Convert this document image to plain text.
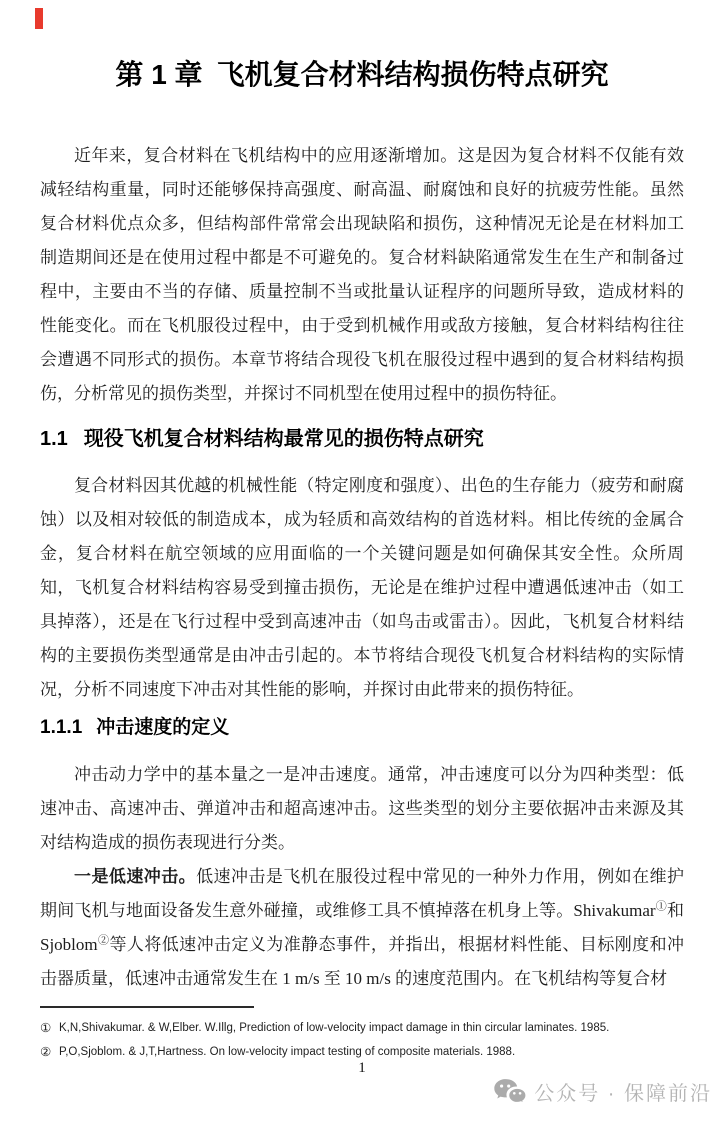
第 1 章 飞机复合材料结构损伤特点研究

近年来，复合材料在飞机结构中的应用逐渐增加。这是因为复合材料不仅能有效减轻结构重量，同时还能够保持高强度、耐高温、耐腐蚀和良好的抗疲劳性能。虽然复合材料优点众多，但结构部件常常会出现缺陷和损伤，这种情况无论是在材料加工制造期间还是在使用过程中都是不可避免的。复合材料缺陷通常发生在生产和制备过程中，主要由不当的存储、质量控制不当或批量认证程序的问题所导致，造成材料的性能变化。而在飞机服役过程中，由于受到机械作用或敌方接触，复合材料结构往往会遭遇不同形式的损伤。本章节将结合现役飞机在服役过程中遇到的复合材料结构损伤，分析常见的损伤类型，并探讨不同机型在使用过程中的损伤特征。

1.1 现役飞机复合材料结构最常见的损伤特点研究

复合材料因其优越的机械性能（特定刚度和强度）、出色的生存能力（疲劳和耐腐蚀）以及相对较低的制造成本，成为轻质和高效结构的首选材料。相比传统的金属合金，复合材料在航空领域的应用面临的一个关键问题是如何确保其安全性。众所周知，飞机复合材料结构容易受到撞击损伤，无论是在维护过程中遭遇低速冲击（如工具掉落），还是在飞行过程中受到高速冲击（如鸟击或雷击）。因此，飞机复合材料结构的主要损伤类型通常是由冲击引起的。本节将结合现役飞机复合材料结构的实际情况，分析不同速度下冲击对其性能的影响，并探讨由此带来的损伤特征。

1.1.1 冲击速度的定义

冲击动力学中的基本量之一是冲击速度。通常，冲击速度可以分为四种类型：低速冲击、高速冲击、弹道冲击和超高速冲击。这些类型的划分主要依据冲击来源及其对结构造成的损伤表现进行分类。

一是低速冲击。低速冲击是飞机在服役过程中常见的一种外力作用，例如在维护期间飞机与地面设备发生意外碰撞，或维修工具不慎掉落在机身上等。Shivakumar①和Sjoblom②等人将低速冲击定义为准静态事件，并指出，根据材料性能、目标刚度和冲击器质量，低速冲击通常发生在 1 m/s 至 10 m/s 的速度范围内。在飞机结构等复合材

① K,N,Shivakumar. & W,Elber. W.Illg, Prediction of low-velocity impact damage in thin circular laminates. 1985.
② P,O,Sjoblom. & J,T,Hartness. On low-velocity impact testing of composite materials. 1988.
1
公众号 · 保障前沿
